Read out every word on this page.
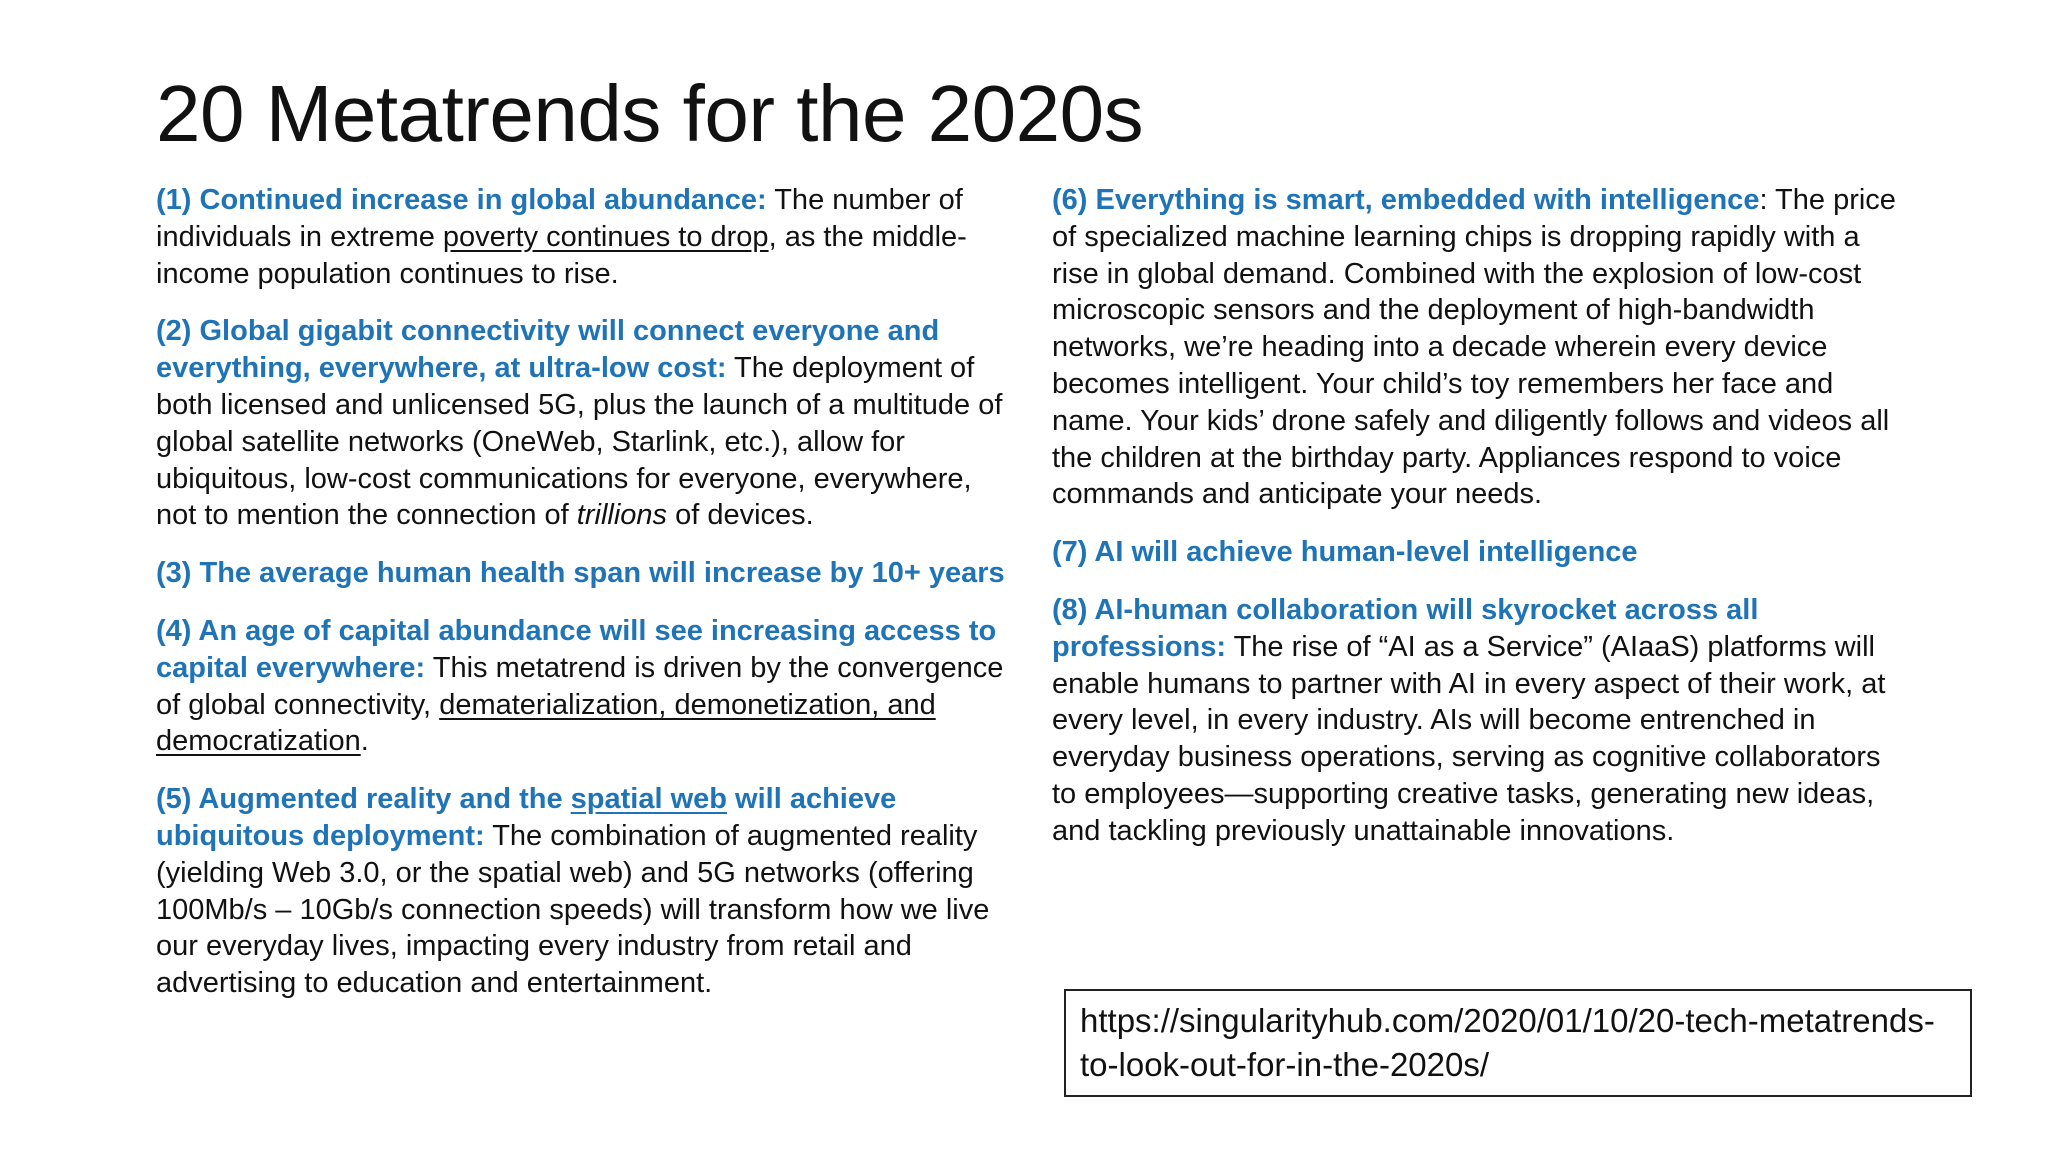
20 Metatrends for the 2020s

(1) Continued increase in global abundance: The number of individuals in extreme poverty continues to drop, as the middle-income population continues to rise.

(2) Global gigabit connectivity will connect everyone and everything, everywhere, at ultra-low cost: The deployment of both licensed and unlicensed 5G, plus the launch of a multitude of global satellite networks (OneWeb, Starlink, etc.), allow for ubiquitous, low-cost communications for everyone, everywhere, not to mention the connection of trillions of devices.

(3) The average human health span will increase by 10+ years

(4) An age of capital abundance will see increasing access to capital everywhere: This metatrend is driven by the convergence of global connectivity, dematerialization, demonetization, and democratization.

(5) Augmented reality and the spatial web will achieve ubiquitous deployment: The combination of augmented reality (yielding Web 3.0, or the spatial web) and 5G networks (offering 100Mb/s – 10Gb/s connection speeds) will transform how we live our everyday lives, impacting every industry from retail and advertising to education and entertainment.

(6) Everything is smart, embedded with intelligence: The price of specialized machine learning chips is dropping rapidly with a rise in global demand. Combined with the explosion of low-cost microscopic sensors and the deployment of high-bandwidth networks, we’re heading into a decade wherein every device becomes intelligent. Your child’s toy remembers her face and name. Your kids’ drone safely and diligently follows and videos all the children at the birthday party. Appliances respond to voice commands and anticipate your needs.

(7) AI will achieve human-level intelligence

(8) AI-human collaboration will skyrocket across all professions: The rise of “AI as a Service” (AIaaS) platforms will enable humans to partner with AI in every aspect of their work, at every level, in every industry. AIs will become entrenched in everyday business operations, serving as cognitive collaborators to employees—supporting creative tasks, generating new ideas, and tackling previously unattainable innovations.

https://singularityhub.com/2020/01/10/20-tech-metatrends-to-look-out-for-in-the-2020s/
